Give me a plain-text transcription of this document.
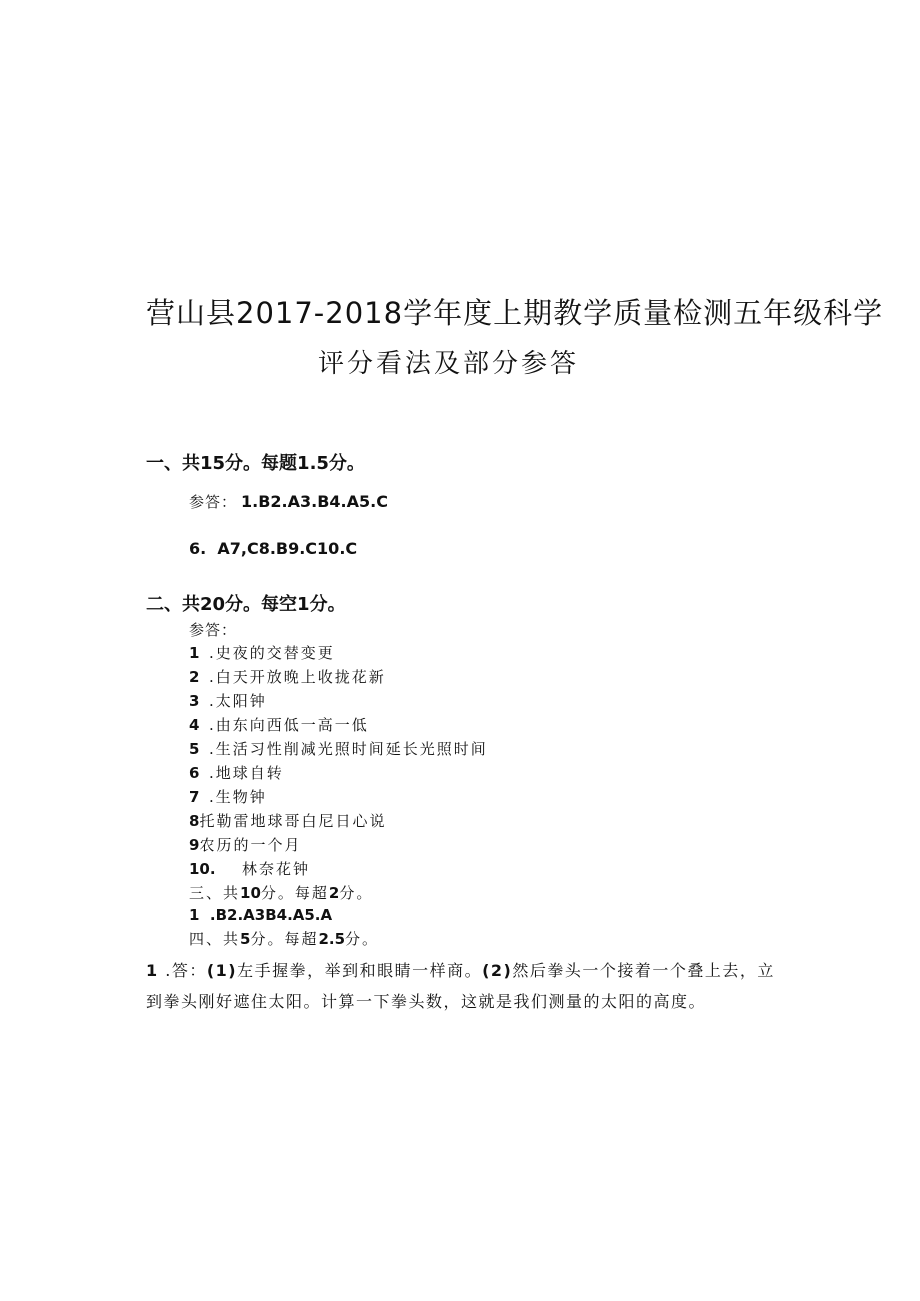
营山县2017-2018学年度上期教学质量检测五年级科学
评分看法及部分参答
一、共15分。每题1.5分。
参答： 1.B2.A3.B4.A5.C
6.  A7,C8.B9.C10.C
二、共20分。每空1分。
参答：
1 .史夜的交替变更
2 .白天开放晚上收拢花新
3 .太阳钟
4 .由东向西低一高一低
5 .生活习性削减光照时间延长光照时间
6 .地球自转
7 .生物钟
8 托勒雷地球哥白尼日心说
9 农历的一个月
10.	林奈花钟
三、共 10 分。每超 2 分。
1  .B2.A3B4.A5.A
四、共 5 分。每超 2.5 分。
1 .答：(1)左手握拳，举到和眼睛一样商。(2)然后拳头一个接着一个叠上去，立
到拳头刚好遮住太阳。计算一下拳头数，这就是我们测量的太阳的高度。
